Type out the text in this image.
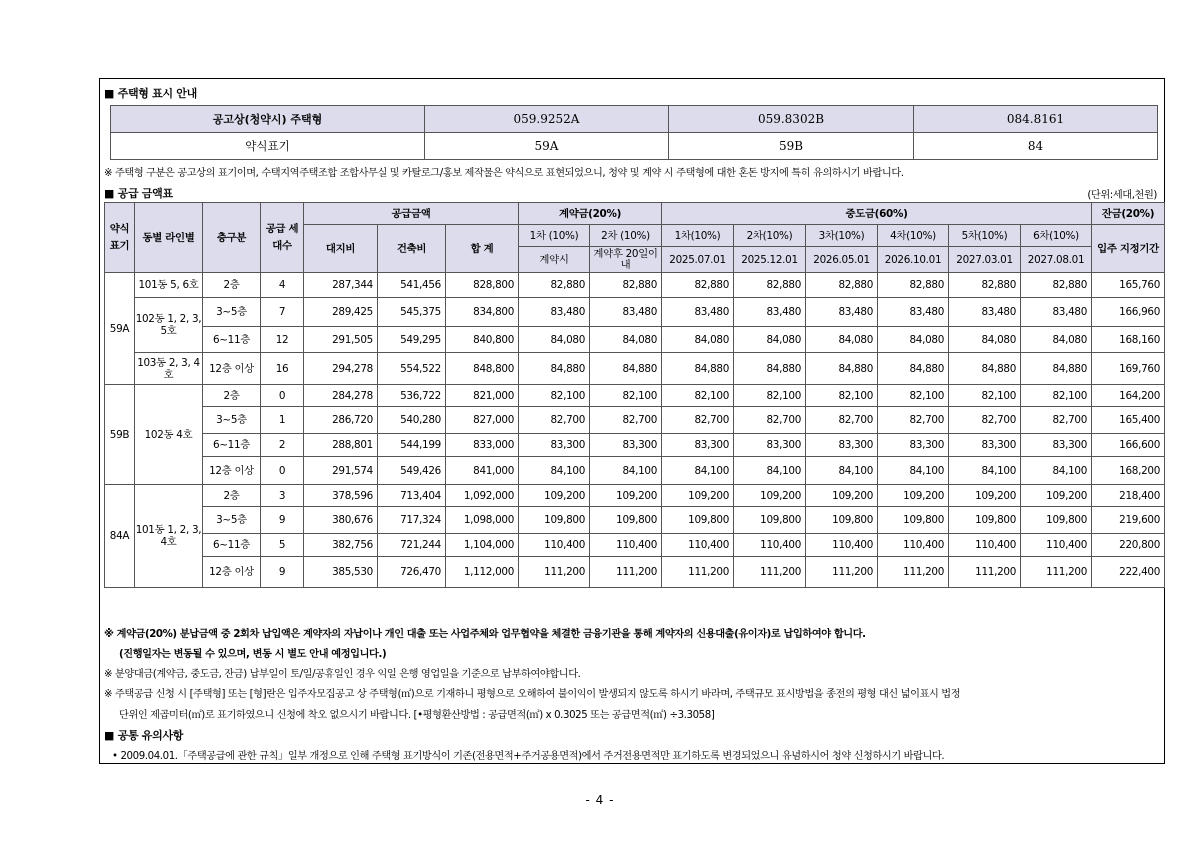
■ 주택형 표시 안내
공고상(청약시) 주택형	059.9252A	059.8302B	084.8161
약식표기	59A	59B	84
※ 주택형 구분은 공고상의 표기이며, 수택지역주택조합 조합사무실 및 카탈로그/홍보 제작물은 약식으로 표현되었으니, 청약 및 계약 시 주택형에 대한 혼돈 방지에 특히 유의하시기 바랍니다.
■ 공급 금액표	(단위:세대,천원)
약식표기	동별 라인별	층구분	공급 세대수	공급금액			계약금(20%)		중도금(60%)						잔금(20%)
				대지비	건축비	합 계	1차 (10%)	2차 (10%)	1차(10%)	2차(10%)	3차(10%)	4차(10%)	5차(10%)	6차(10%)	입주 지정기간
							계약시	계약후 20일이내	2025.07.01	2025.12.01	2026.05.01	2026.10.01	2027.03.01	2027.08.01	
59A	101동 5, 6호	2층	4	287,344	541,456	828,800	82,880	82,880	82,880	82,880	82,880	82,880	82,880	82,880	165,760
	102동 1, 2, 3, 5호	3~5층	7	289,425	545,375	834,800	83,480	83,480	83,480	83,480	83,480	83,480	83,480	83,480	166,960
		6~11층	12	291,505	549,295	840,800	84,080	84,080	84,080	84,080	84,080	84,080	84,080	84,080	168,160
	103동 2, 3, 4호	12층 이상	16	294,278	554,522	848,800	84,880	84,880	84,880	84,880	84,880	84,880	84,880	84,880	169,760
59B	102동 4호	2층	0	284,278	536,722	821,000	82,100	82,100	82,100	82,100	82,100	82,100	82,100	82,100	164,200
		3~5층	1	286,720	540,280	827,000	82,700	82,700	82,700	82,700	82,700	82,700	82,700	82,700	165,400
		6~11층	2	288,801	544,199	833,000	83,300	83,300	83,300	83,300	83,300	83,300	83,300	83,300	166,600
		12층 이상	0	291,574	549,426	841,000	84,100	84,100	84,100	84,100	84,100	84,100	84,100	84,100	168,200
84A	101동 1, 2, 3, 4호	2층	3	378,596	713,404	1,092,000	109,200	109,200	109,200	109,200	109,200	109,200	109,200	109,200	218,400
		3~5층	9	380,676	717,324	1,098,000	109,800	109,800	109,800	109,800	109,800	109,800	109,800	109,800	219,600
		6~11층	5	382,756	721,244	1,104,000	110,400	110,400	110,400	110,400	110,400	110,400	110,400	110,400	220,800
		12층 이상	9	385,530	726,470	1,112,000	111,200	111,200	111,200	111,200	111,200	111,200	111,200	111,200	222,400
※ 계약금(20%) 분납금액 중 2회차 납입액은 계약자의 자납이나 개인 대출 또는 사업주체와 업무협약을 체결한 금융기관을 통해 계약자의 신용대출(유이자)로 납입하여야 합니다.
(진행일자는 변동될 수 있으며, 변동 시 별도 안내 예정입니다.)
※ 분양대금(계약금, 중도금, 잔금) 납부일이 토/일/공휴일인 경우 익일 은행 영업일을 기준으로 납부하여야합니다.
※ 주택공급 신청 시 [주택형] 또는 [형]란은 입주자모집공고 상 주택형(㎡)으로 기재하니 평형으로 오해하여 불이익이 발생되지 않도록 하시기 바라며, 주택규모 표시방법을 종전의 평형 대신 넓이표시 법정
단위인 제곱미터(㎡)로 표기하였으니 신청에 착오 없으시기 바랍니다. [•평형환산방법 : 공급면적(㎡) x 0.3025 또는 공급면적(㎡) ÷3.3058]
■ 공통 유의사항
• 2009.04.01.「주택공급에 관한 규칙」일부 개정으로 인해 주택형 표기방식이 기존(전용면적+주거공용면적)에서 주거전용면적만 표기하도록 변경되었으니 유념하시어 청약 신청하시기 바랍니다.
- 4 -
